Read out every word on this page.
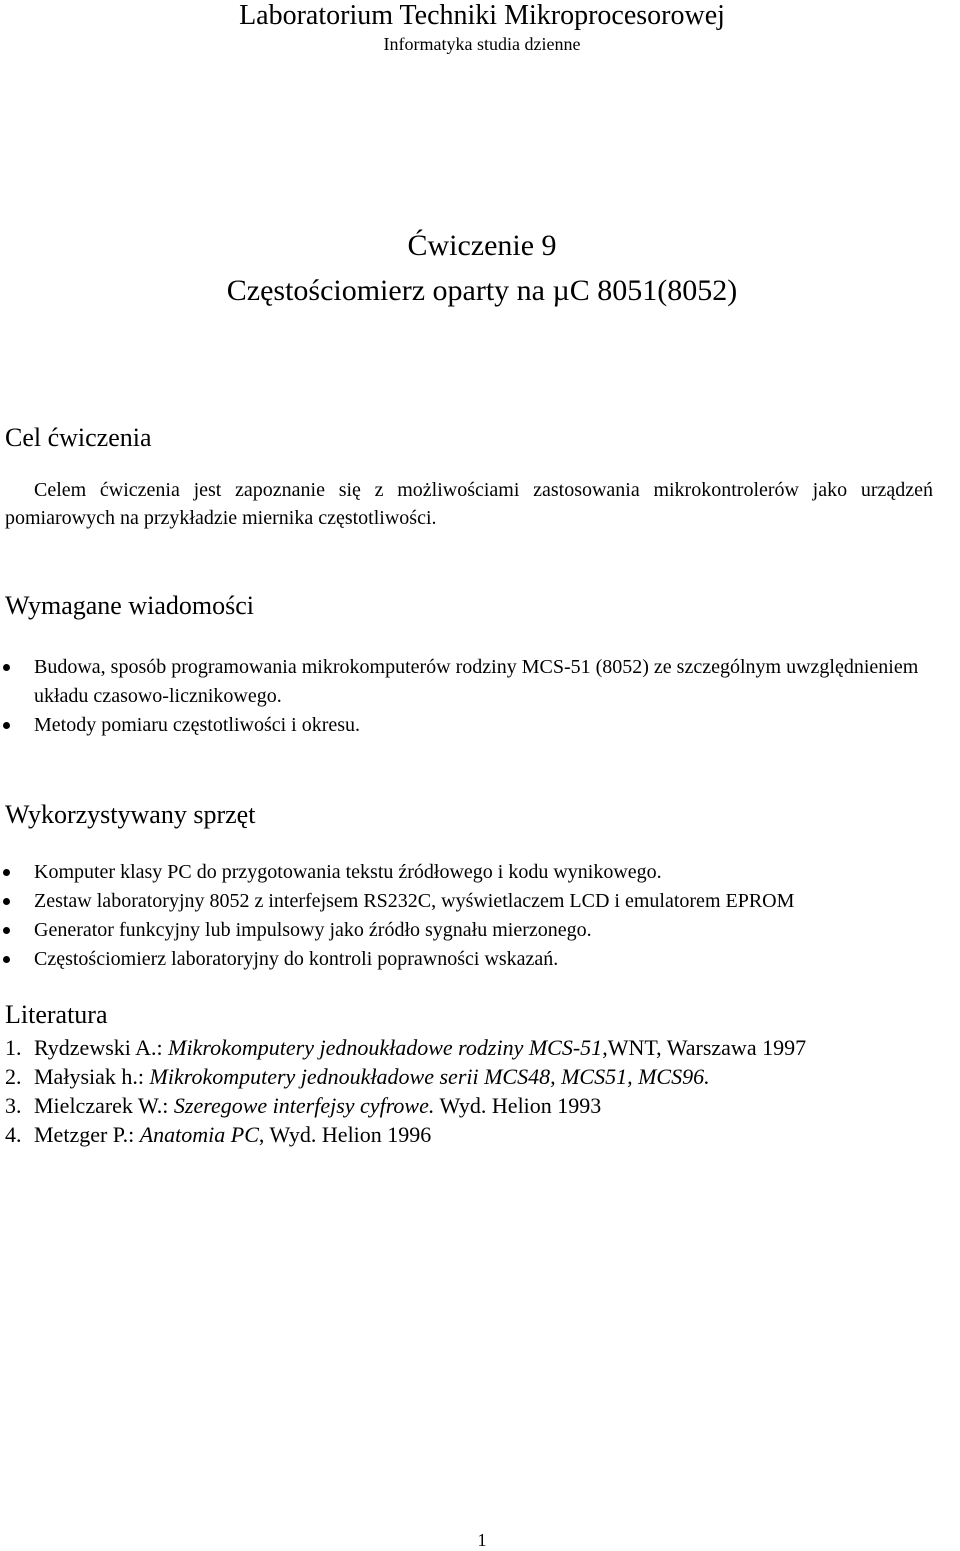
Laboratorium Techniki Mikroprocesorowej
Informatyka studia dzienne
Ćwiczenie 9
Częstościomierz oparty na µC 8051(8052)
Cel ćwiczenia
Celem ćwiczenia jest zapoznanie się z możliwościami zastosowania mikrokontrolerów jako urządzeń pomiarowych na przykładzie miernika częstotliwości.
Wymagane wiadomości
Budowa, sposób programowania mikrokomputerów rodziny MCS-51 (8052) ze szczególnym uwzględnieniem układu czasowo-licznikowego.
Metody pomiaru częstotliwości i okresu.
Wykorzystywany sprzęt
Komputer klasy PC do przygotowania tekstu źródłowego i kodu wynikowego.
Zestaw laboratoryjny 8052 z interfejsem RS232C, wyświetlaczem LCD i emulatorem EPROM
Generator funkcyjny lub impulsowy jako źródło sygnału mierzonego.
Częstościomierz laboratoryjny do kontroli poprawności wskazań.
Literatura
1. Rydzewski A.: Mikrokomputery jednoukładowe rodziny MCS-51,WNT, Warszawa 1997
2. Małysiak h.: Mikrokomputery jednoukładowe serii MCS48, MCS51, MCS96.
3. Mielczarek W.: Szeregowe interfejsy cyfrowe. Wyd. Helion 1993
4. Metzger P.: Anatomia PC, Wyd. Helion 1996
1
